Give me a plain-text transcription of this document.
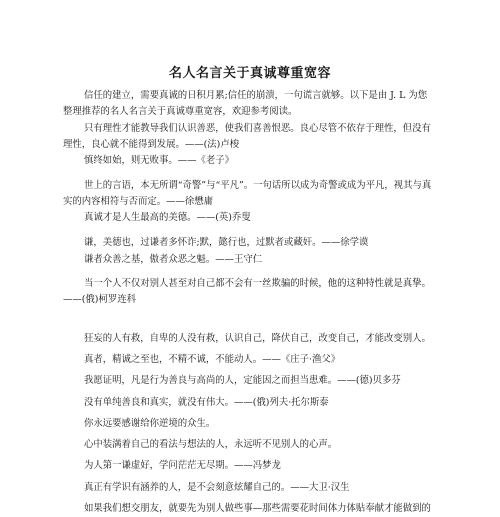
名人名言关于真诚尊重宽容
信任的建立，需要真诚的日积月累;信任的崩溃，一句谎言就够。以下是由 J. L 为您
整理推荐的名人名言关于真诚尊重宽容，欢迎参考阅读。
只有理性才能教导我们认识善恶，使我们喜善恨恶。良心尽管不依存于理性，但没有
理性，良心就不能得到发展。——(法)卢梭
慎终如始，则无败事。——《老子》
世上的言语，本无所谓“奇警”与“平凡”。一句话所以成为奇警或成为平凡，视其与真
实的内容相符与否而定。——徐懋庸
真诚才是人生最高的美德。——(英)乔叟
谦，美德也，过谦者多怀诈;默，懿行也，过默者或藏奸。——徐学谟
谦者众善之基，傲者众恶之魁。——王守仁
当一个人不仅对别人甚至对自己都不会有一丝欺骗的时候，他的这种特性就是真挚。
——(俄)柯罗连科
狂妄的人有救，自卑的人没有救，认识自己，降伏自己，改变自己，才能改变别人。
真者，精诚之至也，不精不诚，不能动人。——《庄子·渔父》
我愿证明，凡是行为善良与高尚的人，定能因之而担当患难。——(德)贝多芬
没有单纯善良和真实，就没有伟大。——(俄)列夫·托尔斯泰
你永远要感谢给你逆境的众生。
心中装满着自己的看法与想法的人，永远听不见别人的心声。
为人第一谦虚好，学问茫茫无尽期。——冯梦龙
真正有学识有涵养的人，是不会刻意炫耀自己的。——大卫·汉生
如果我们想交朋友，就要先为别人做些事—那些需要花时间体力体贴奉献才能做到的
